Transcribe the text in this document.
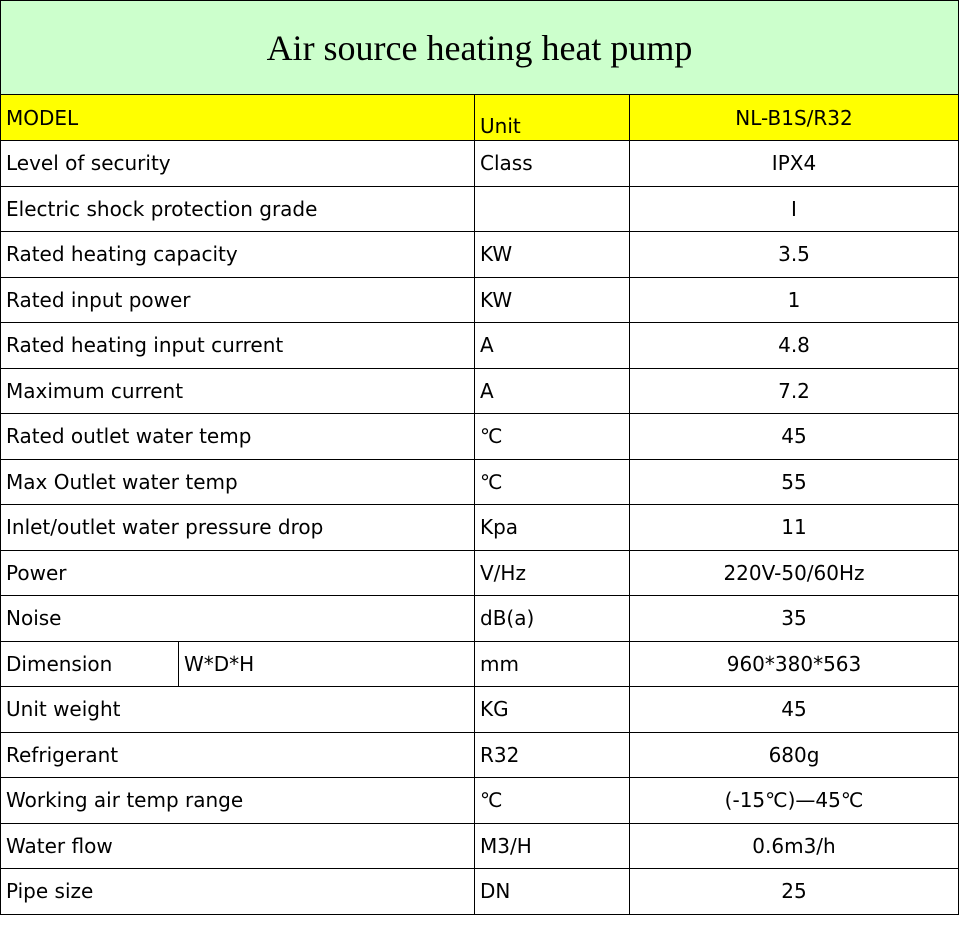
Air source heating heat pump			
MODEL		Unit	NL-B1S/R32
Level of security		Class	IPX4
Electric shock protection grade			I
Rated heating capacity		KW	3.5
Rated input power		KW	1
Rated heating input current		A	4.8
Maximum current		A	7.2
Rated outlet water temp		℃	45
Max Outlet water temp		℃	55
Inlet/outlet water pressure drop		Kpa	11
Power		V/Hz	220V-50/60Hz
Noise		dB(a)	35
Dimension	W*D*H	mm	960*380*563
Unit weight		KG	45
Refrigerant		R32	680g
Working air temp range		℃	(-15℃)—45℃
Water flow		M3/H	0.6m3/h
Pipe size		DN	25
